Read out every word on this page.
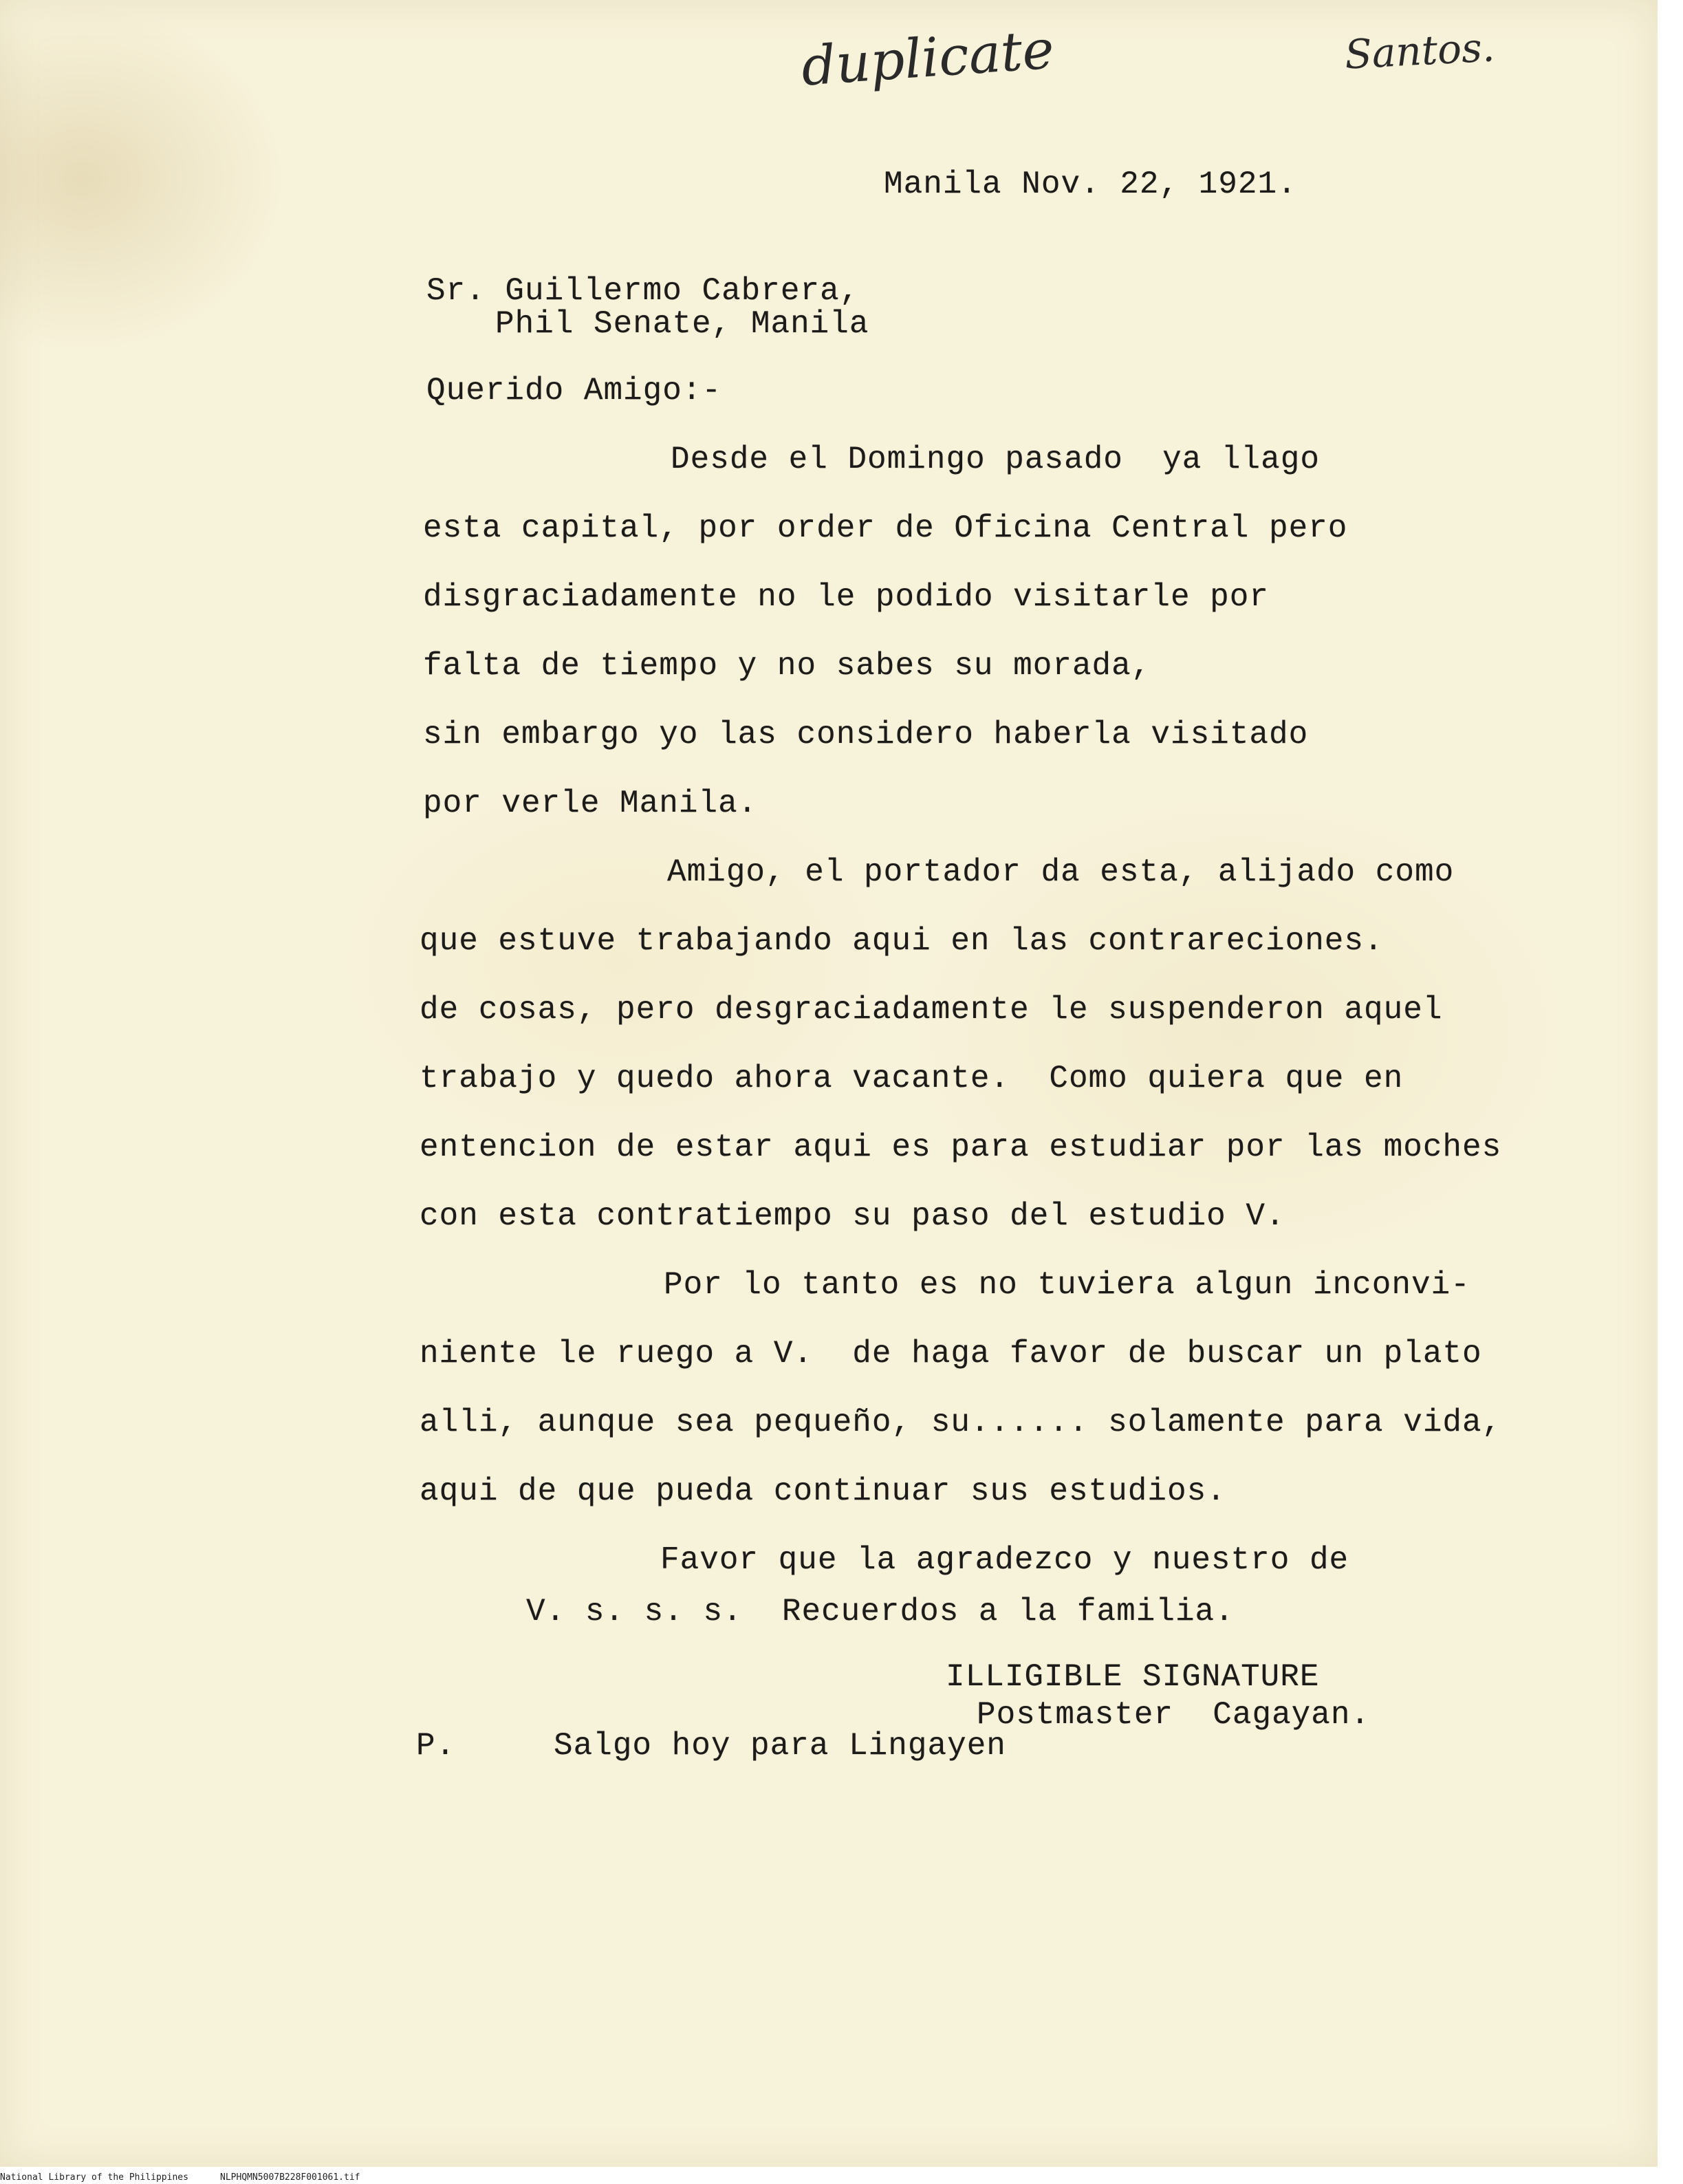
duplicate	Santos.
Manila Nov. 22, 1921.
Sr. Guillermo Cabrera,
Phil Senate, Manila
Querido Amigo:-
Desde el Domingo pasado  ya llago
esta capital, por order de Oficina Central pero
disgraciadamente no le podido visitarle por
falta de tiempo y no sabes su morada,
sin embargo yo las considero haberla visitado
por verle Manila.
Amigo, el portador da esta, alijado como
que estuve trabajando aqui en las contrareciones.
de cosas, pero desgraciadamente le suspenderon aquel
trabajo y quedo ahora vacante.  Como quiera que en
entencion de estar aqui es para estudiar por las moches
con esta contratiempo su paso del estudio V.
Por lo tanto es no tuviera algun inconvi-
niente le ruego a V.  de haga favor de buscar un plato
alli, aunque sea pequeño, su...... solamente para vida,
aqui de que pueda continuar sus estudios.
Favor que la agradezco y nuestro de
V. s. s. s.  Recuerdos a la familia.
ILLIGIBLE SIGNATURE
Postmaster  Cagayan.
P.	Salgo hoy para Lingayen
National Library of the Philippines	NLPHQMN5007B228F001061.tif
